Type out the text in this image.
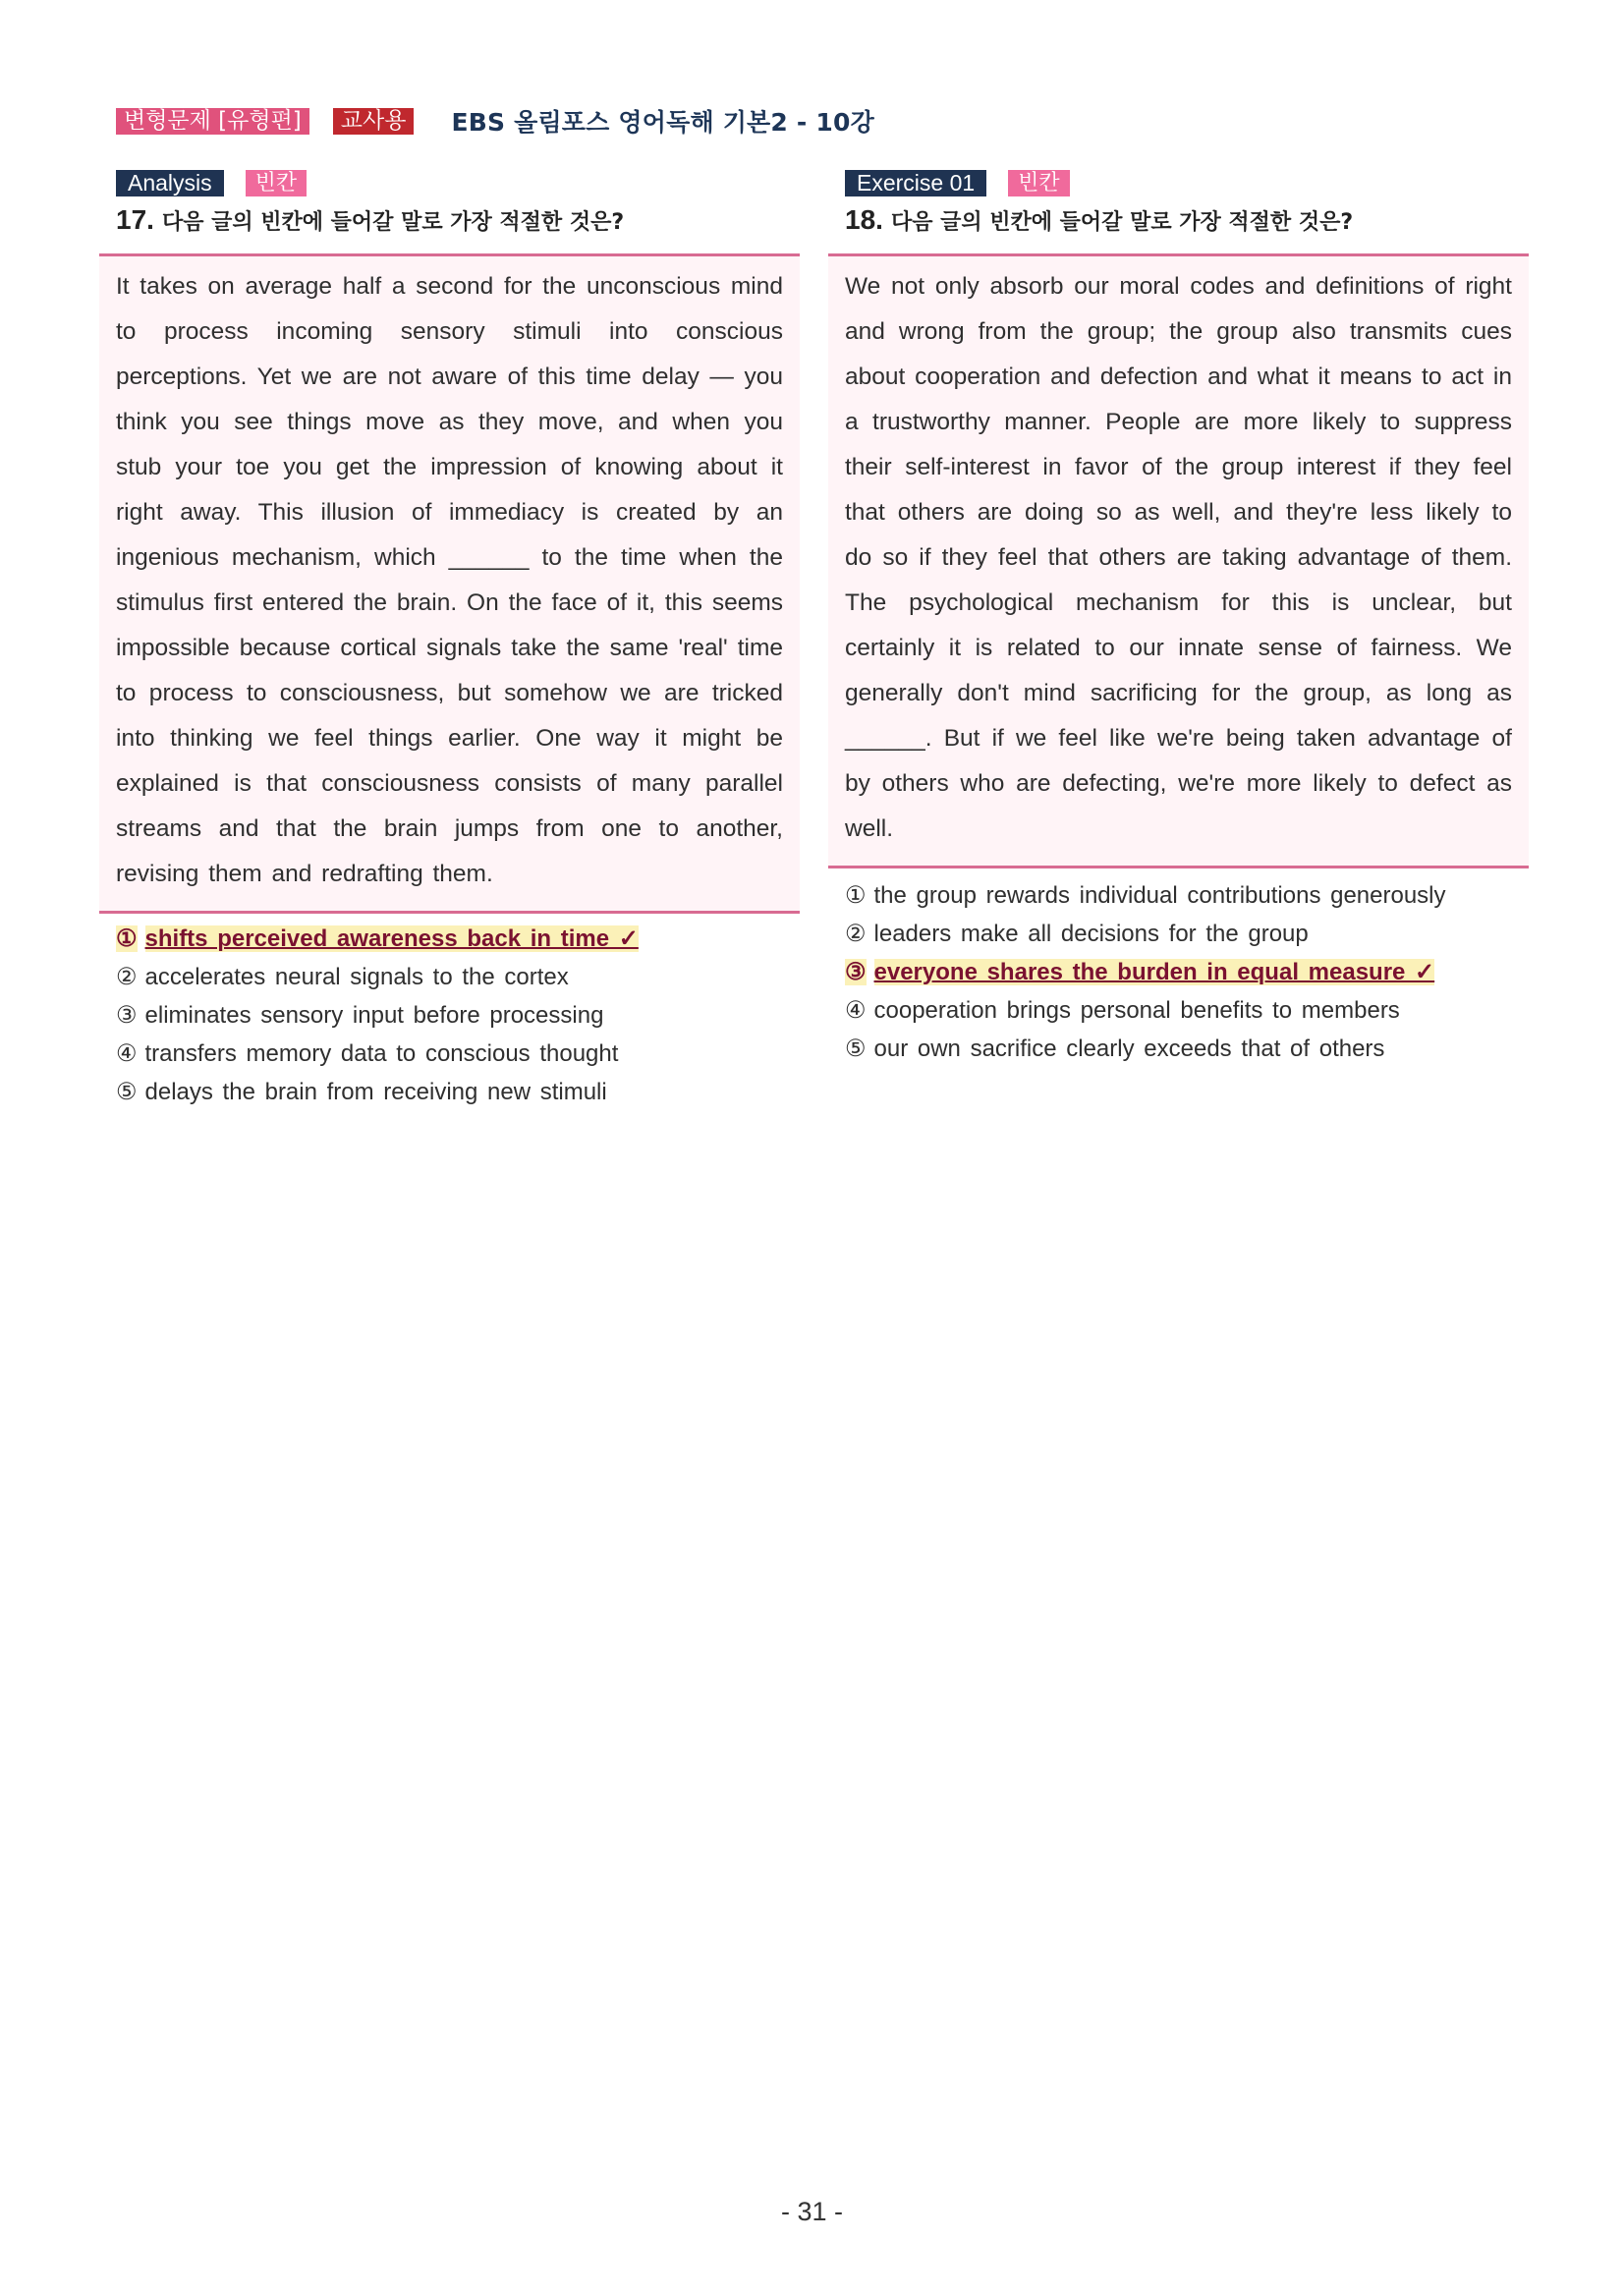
변형문제 [유형편]	교사용	EBS 올림포스 영어독해 기본2 - 10강
Analysis	빈칸
17. 다음 글의 빈칸에 들어갈 말로 가장 적절한 것은?

It takes on average half a second for the unconscious mind to process incoming sensory stimuli into conscious perceptions. Yet we are not aware of this time delay — you think you see things move as they move, and when you stub your toe you get the impression of knowing about it right away. This illusion of immediacy is created by an ingenious mechanism, which ______ to the time when the stimulus first entered the brain. On the face of it, this seems impossible because cortical signals take the same 'real' time to process to consciousness, but somehow we are tricked into thinking we feel things earlier. One way it might be explained is that consciousness consists of many parallel streams and that the brain jumps from one to another, revising them and redrafting them.

① shifts perceived awareness back in time ✓
② accelerates neural signals to the cortex
③ eliminates sensory input before processing
④ transfers memory data to conscious thought
⑤ delays the brain from receiving new stimuli
Exercise 01	빈칸
18. 다음 글의 빈칸에 들어갈 말로 가장 적절한 것은?

We not only absorb our moral codes and definitions of right and wrong from the group; the group also transmits cues about cooperation and defection and what it means to act in a trustworthy manner. People are more likely to suppress their self-interest in favor of the group interest if they feel that others are doing so as well, and they're less likely to do so if they feel that others are taking advantage of them. The psychological mechanism for this is unclear, but certainly it is related to our innate sense of fairness. We generally don't mind sacrificing for the group, as long as ______. But if we feel like we're being taken advantage of by others who are defecting, we're more likely to defect as well.

① the group rewards individual contributions generously
② leaders make all decisions for the group
③ everyone shares the burden in equal measure ✓
④ cooperation brings personal benefits to members
⑤ our own sacrifice clearly exceeds that of others
- 31 -
